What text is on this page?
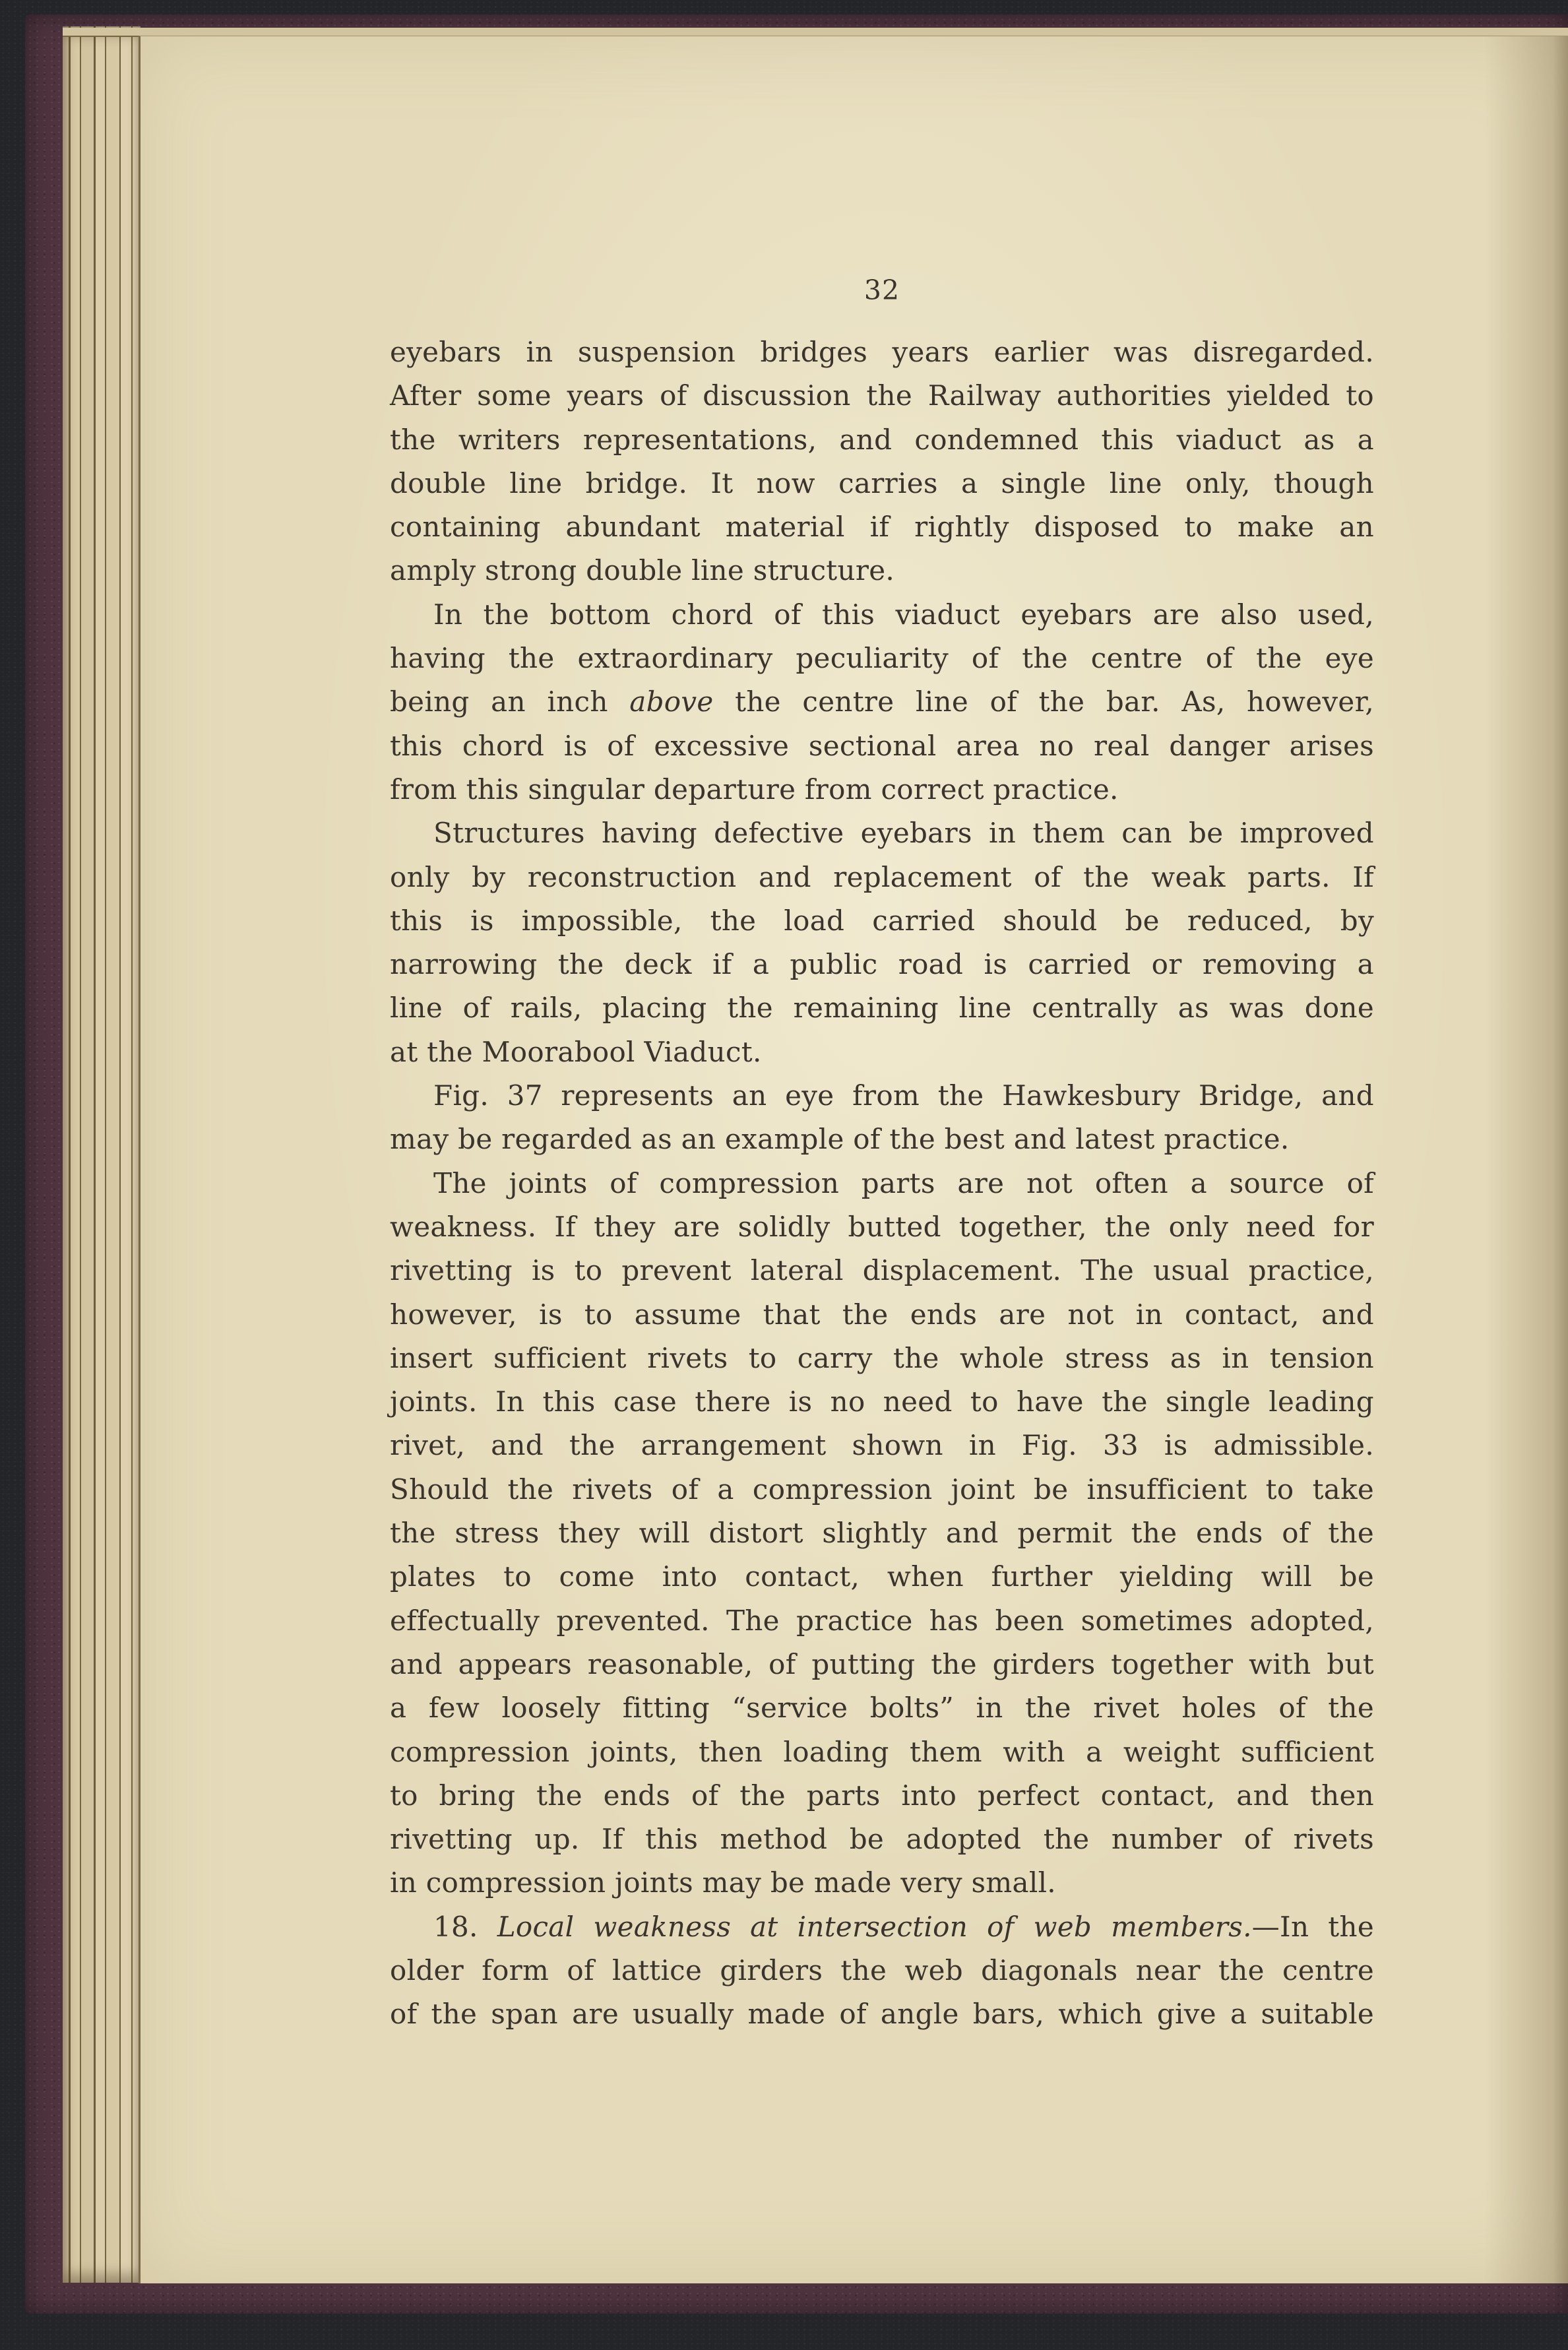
32
eyebars in suspension bridges years earlier was disregarded.
After some years of discussion the Railway authorities yielded to
the writers representations, and condemned this viaduct as a
double line bridge. It now carries a single line only, though
containing abundant material if rightly disposed to make an
amply strong double line structure.
In the bottom chord of this viaduct eyebars are also used,
having the extraordinary peculiarity of the centre of the eye
being an inch above the centre line of the bar. As, however,
this chord is of excessive sectional area no real danger arises
from this singular departure from correct practice.
Structures having defective eyebars in them can be improved
only by reconstruction and replacement of the weak parts. If
this is impossible, the load carried should be reduced, by
narrowing the deck if a public road is carried or removing a
line of rails, placing the remaining line centrally as was done
at the Moorabool Viaduct.
Fig. 37 represents an eye from the Hawkesbury Bridge, and
may be regarded as an example of the best and latest practice.
The joints of compression parts are not often a source of
weakness. If they are solidly butted together, the only need for
rivetting is to prevent lateral displacement. The usual practice,
however, is to assume that the ends are not in contact, and
insert sufficient rivets to carry the whole stress as in tension
joints. In this case there is no need to have the single leading
rivet, and the arrangement shown in Fig. 33 is admissible.
Should the rivets of a compression joint be insufficient to take
the stress they will distort slightly and permit the ends of the
plates to come into contact, when further yielding will be
effectually prevented. The practice has been sometimes adopted,
and appears reasonable, of putting the girders together with but
a few loosely fitting “service bolts” in the rivet holes of the
compression joints, then loading them with a weight sufficient
to bring the ends of the parts into perfect contact, and then
rivetting up. If this method be adopted the number of rivets
in compression joints may be made very small.
18. Local weakness at intersection of web members.—In the
older form of lattice girders the web diagonals near the centre
of the span are usually made of angle bars, which give a suitable
